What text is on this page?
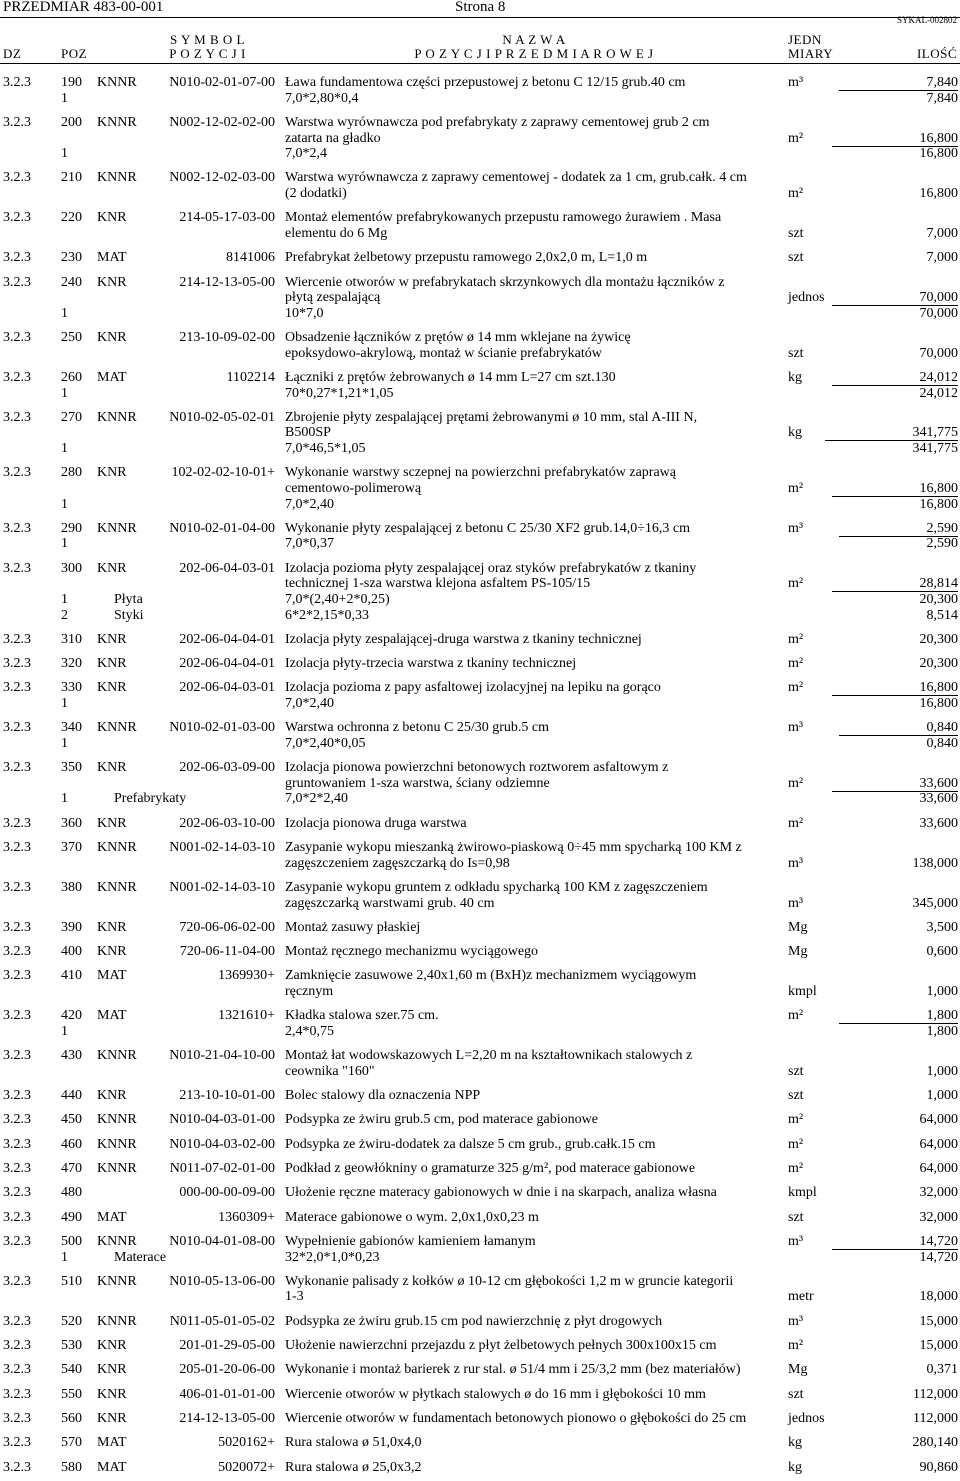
PRZEDMIAR 483-00-001	Strona 8
SYKAL-002802
S Y M B O L
P O Z Y C J I
N A Z W A
P O Z Y C J I P R Z E D M I A R O W E J
JEDN
MIARY
DZ	POZ	ILOŚĆ
3.2.3 190 KNNR	N010-02-01-07-00 Ława fundamentowa części przepustowej z betonu C 12/15 grub.40 cm	m³	7,840
1	7,0*2,80*0,4	7,840
3.2.3 200 KNNR	N002-12-02-02-00 Warstwa wyrównawcza pod prefabrykaty z zaprawy cementowej grub 2 cm
zatarta na gładko	m²	16,800
1	7,0*2,4	16,800
3.2.3 210 KNNR	N002-12-02-03-00 Warstwa wyrównawcza z zaprawy cementowej - dodatek za 1 cm, grub.całk. 4 cm
(2 dodatki)	m²	16,800
3.2.3 220 KNR	214-05-17-03-00 Montaż elementów prefabrykowanych przepustu ramowego żurawiem . Masa
elementu do 6 Mg	szt	7,000
3.2.3 230 MAT	8141006 Prefabrykat żelbetowy przepustu ramowego 2,0x2,0 m, L=1,0 m	szt	7,000
3.2.3 240 KNR	214-12-13-05-00 Wiercenie otworów w prefabrykatach skrzynkowych dla montażu łączników z
płytą zespalającą	jednos	70,000
1	10*7,0	70,000
3.2.3 250 KNR	213-10-09-02-00 Obsadzenie łączników z prętów ø 14 mm wklejane na żywicę
epoksydowo-akrylową, montaż w ścianie prefabrykatów	szt	70,000
3.2.3 260 MAT	1102214 Łączniki z prętów żebrowanych ø 14 mm L=27 cm szt.130	kg	24,012
1	70*0,27*1,21*1,05	24,012
3.2.3 270 KNNR	N010-02-05-02-01 Zbrojenie płyty zespalającej prętami żebrowanymi ø 10 mm, stal A-III N,
B500SP	kg	341,775
1	7,0*46,5*1,05	341,775
3.2.3 280 KNR	102-02-02-10-01+ Wykonanie warstwy sczepnej na powierzchni prefabrykatów zaprawą
cementowo-polimerową	m²	16,800
1	7,0*2,40	16,800
3.2.3 290 KNNR	N010-02-01-04-00 Wykonanie płyty zespalającej z betonu C 25/30 XF2 grub.14,0÷16,3 cm	m³	2,590
1	7,0*0,37	2,590
3.2.3 300 KNR	202-06-04-03-01 Izolacja pozioma płyty zespalającej oraz styków prefabrykatów z tkaniny
technicznej 1-sza warstwa klejona asfaltem PS-105/15	m²	28,814
1	Płyta	7,0*(2,40+2*0,25)	20,300
2	Styki	6*2*2,15*0,33	8,514
3.2.3 310 KNR	202-06-04-04-01 Izolacja płyty zespalającej-druga warstwa z tkaniny technicznej	m²	20,300
3.2.3 320 KNR	202-06-04-04-01 Izolacja płyty-trzecia warstwa z tkaniny technicznej	m²	20,300
3.2.3 330 KNR	202-06-04-03-01 Izolacja pozioma z papy asfaltowej izolacyjnej na lepiku na gorąco	m²	16,800
1	7,0*2,40	16,800
3.2.3 340 KNNR	N010-02-01-03-00 Warstwa ochronna z betonu C 25/30 grub.5 cm	m³	0,840
1	7,0*2,40*0,05	0,840
3.2.3 350 KNR	202-06-03-09-00 Izolacja pionowa powierzchni betonowych roztworem asfaltowym z
gruntowaniem 1-sza warstwa, ściany odziemne	m²	33,600
1	Prefabrykaty	7,0*2*2,40	33,600
3.2.3 360 KNR	202-06-03-10-00 Izolacja pionowa druga warstwa	m²	33,600
3.2.3 370 KNNR	N001-02-14-03-10 Zasypanie wykopu mieszanką żwirowo-piaskową 0÷45 mm spycharką 100 KM z
zagęszczeniem zagęszczarką do Is=0,98	m³	138,000
3.2.3 380 KNNR	N001-02-14-03-10 Zasypanie wykopu gruntem z odkładu spycharką 100 KM z zagęszczeniem
zagęszczarką warstwami grub. 40 cm	m³	345,000
3.2.3 390 KNR	720-06-06-02-00 Montaż zasuwy płaskiej	Mg	3,500
3.2.3 400 KNR	720-06-11-04-00 Montaż ręcznego mechanizmu wyciągowego	Mg	0,600
3.2.3 410 MAT	1369930+ Zamknięcie zasuwowe 2,40x1,60 m (BxH)z mechanizmem wyciągowym
ręcznym	kmpl	1,000
3.2.3 420 MAT	1321610+ Kładka stalowa szer.75 cm.	m²	1,800
1	2,4*0,75	1,800
3.2.3 430 KNNR	N010-21-04-10-00 Montaż łat wodowskazowych L=2,20 m na kształtownikach stalowych z
ceownika "160"	szt	1,000
3.2.3 440 KNR	213-10-10-01-00 Bolec stalowy dla oznaczenia NPP	szt	1,000
3.2.3 450 KNNR	N010-04-03-01-00 Podsypka ze żwiru grub.5 cm, pod materace gabionowe	m²	64,000
3.2.3 460 KNNR	N010-04-03-02-00 Podsypka ze żwiru-dodatek za dalsze 5 cm grub., grub.całk.15 cm	m²	64,000
3.2.3 470 KNNR	N011-07-02-01-00 Podkład z geowłókniny o gramaturze 325 g/m², pod materace gabionowe	m²	64,000
3.2.3 480	000-00-00-09-00 Ułożenie ręczne materacy gabionowych w dnie i na skarpach, analiza własna	kmpl	32,000
3.2.3 490 MAT	1360309+ Materace gabionowe o wym. 2,0x1,0x0,23 m	szt	32,000
3.2.3 500 KNNR	N010-04-01-08-00 Wypełnienie gabionów kamieniem łamanym	m³	14,720
1	Materace	32*2,0*1,0*0,23	14,720
3.2.3 510 KNNR	N010-05-13-06-00 Wykonanie palisady z kołków ø 10-12 cm głębokości 1,2 m w gruncie kategorii
1-3	metr	18,000
3.2.3 520 KNNR	N011-05-01-05-02 Podsypka ze żwiru grub.15 cm pod nawierzchnię z płyt drogowych	m³	15,000
3.2.3 530 KNR	201-01-29-05-00 Ułożenie nawierzchni przejazdu z płyt żelbetowych pełnych 300x100x15 cm	m²	15,000
3.2.3 540 KNR	205-01-20-06-00 Wykonanie i montaż barierek z rur stal. ø 51/4 mm i 25/3,2 mm (bez materiałów)	Mg	0,371
3.2.3 550 KNR	406-01-01-01-00 Wiercenie otworów w płytkach stalowych ø do 16 mm i głębokości 10 mm	szt	112,000
3.2.3 560 KNR	214-12-13-05-00 Wiercenie otworów w fundamentach betonowych pionowo o głębokości do 25 cm	jednos	112,000
3.2.3 570 MAT	5020162+ Rura stalowa ø 51,0x4,0	kg	280,140
3.2.3 580 MAT	5020072+ Rura stalowa ø 25,0x3,2	kg	90,860
